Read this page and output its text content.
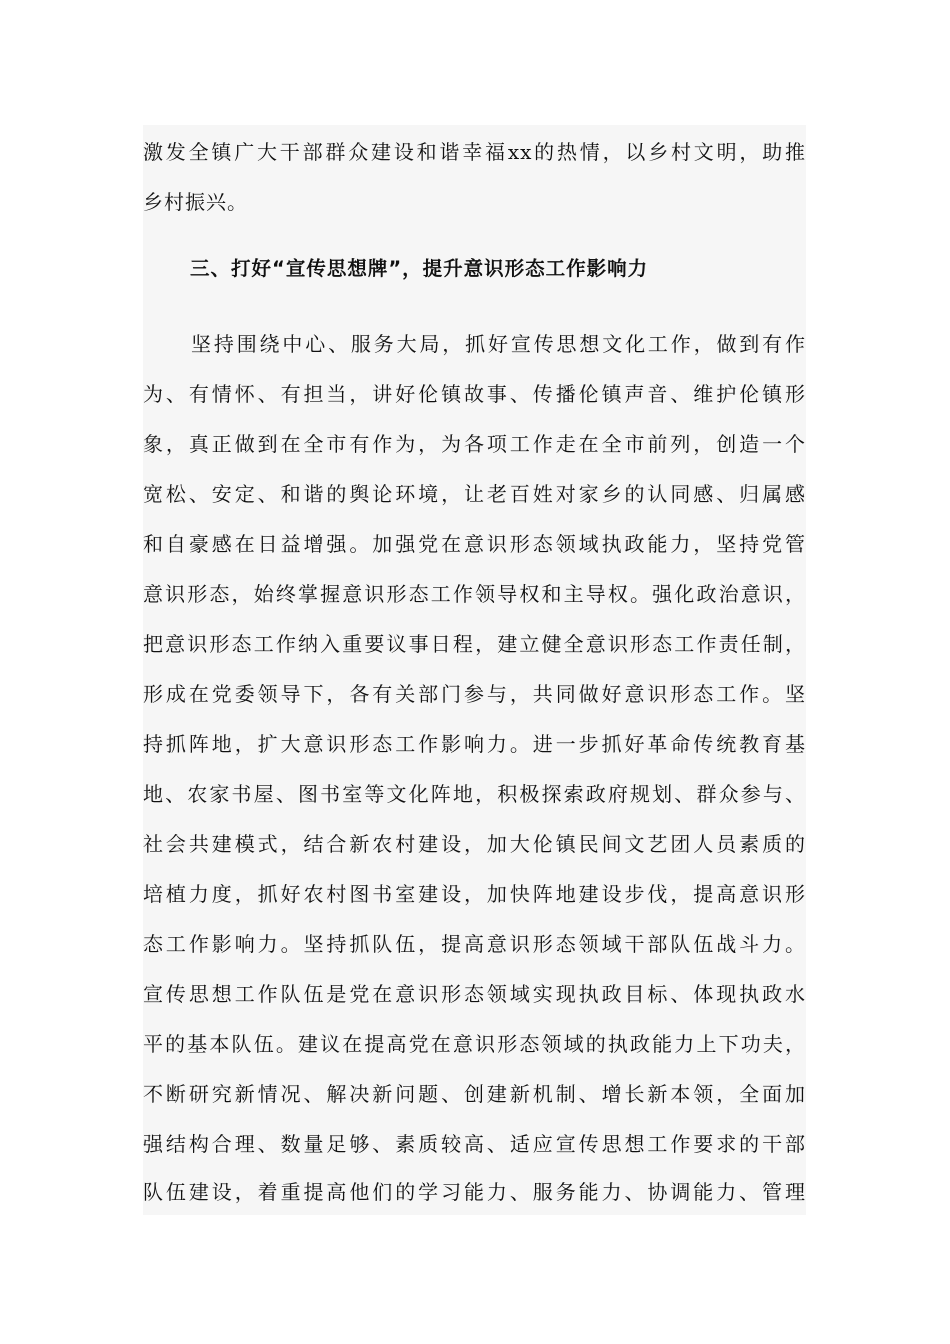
激发全镇广大干部群众建设和谐幸福xx的热情，以乡村文明，助推
乡村振兴。
三、打好“宣传思想牌”，提升意识形态工作影响力
坚持围绕中心、服务大局，抓好宣传思想文化工作，做到有作
为、有情怀、有担当，讲好伦镇故事、传播伦镇声音、维护伦镇形
象，真正做到在全市有作为，为各项工作走在全市前列，创造一个
宽松、安定、和谐的舆论环境，让老百姓对家乡的认同感、归属感
和自豪感在日益增强。加强党在意识形态领域执政能力，坚持党管
意识形态，始终掌握意识形态工作领导权和主导权。强化政治意识，
把意识形态工作纳入重要议事日程，建立健全意识形态工作责任制，
形成在党委领导下，各有关部门参与，共同做好意识形态工作。坚
持抓阵地，扩大意识形态工作影响力。进一步抓好革命传统教育基
地、农家书屋、图书室等文化阵地，积极探索政府规划、群众参与、
社会共建模式，结合新农村建设，加大伦镇民间文艺团人员素质的
培植力度，抓好农村图书室建设，加快阵地建设步伐，提高意识形
态工作影响力。坚持抓队伍，提高意识形态领域干部队伍战斗力。
宣传思想工作队伍是党在意识形态领域实现执政目标、体现执政水
平的基本队伍。建议在提高党在意识形态领域的执政能力上下功夫，
不断研究新情况、解决新问题、创建新机制、增长新本领，全面加
强结构合理、数量足够、素质较高、适应宣传思想工作要求的干部
队伍建设，着重提高他们的学习能力、服务能力、协调能力、管理
